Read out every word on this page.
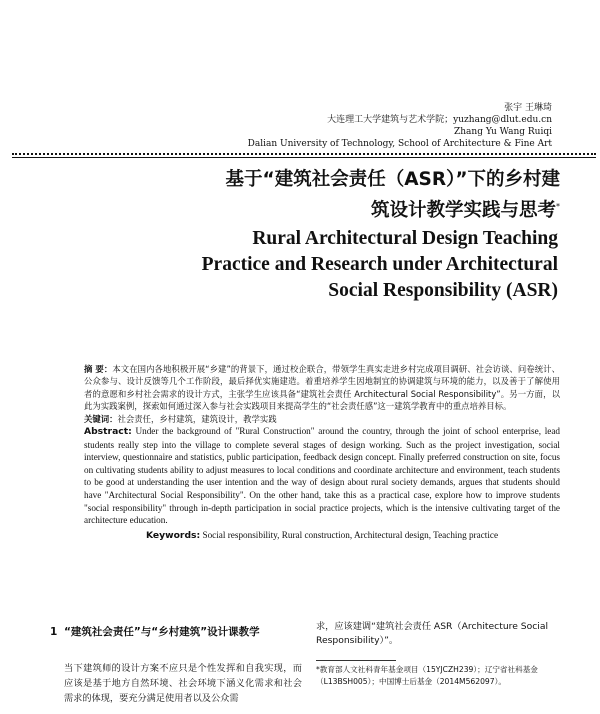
张宇 王琳琦
大连理工大学建筑与艺术学院；yuzhang@dlut.edu.cn
Zhang Yu Wang Ruiqi
Dalian University of Technology, School of Architecture & Fine Art
基于“建筑社会责任（ASR）”下的乡村建
筑设计教学实践与思考*
Rural Architectural Design Teaching
Practice and Research under Architectural
Social Responsibility (ASR)

摘 要：本文在国内各地积极开展“乡建”的背景下，通过校企联合，带领学生真实走进乡村完成项目调研、社会访谈、问卷统计、公众参与、设计反馈等几个工作阶段，最后择优实施建造。着重培养学生因地制宜的协调建筑与环境的能力，以及善于了解使用者的意愿和乡村社会需求的设计方式，主张学生应该具备“建筑社会责任 Architectural Social Responsibility”。另一方面，以此为实践案例，探索如何通过深入参与社会实践项目来提高学生的“社会责任感”这一建筑学教育中的重点培养目标。

关键词：社会责任，乡村建筑，建筑设计，教学实践

Abstract: Under the background of "Rural Construction" around the country, through the joint of school enterprise, lead students really step into the village to complete several stages of design working. Such as the project investigation, social interview, questionnaire and statistics, public participation, feedback design concept. Finally preferred construction on site, focus on cultivating students ability to adjust measures to local conditions and coordinate architecture and environment, teach students to be good at understanding the user intention and the way of design about rural society demands, argues that students should have "Architectural Social Responsibility". On the other hand, take this as a practical case, explore how to improve students "social responsibility" through in-depth participation in social practice projects, which is the intensive cultivating target of the architecture education.

Keywords: Social responsibility, Rural construction, Architectural design, Teaching practice

1 “建筑社会责任”与“乡村建筑”设计课教学
当下建筑师的设计方案不应只是个性发挥和自我实现，而应该是基于地方自然环境、社会环境下涵义化需求和社会需求的体现，要充分满足使用者以及公众需
求，应该建调“建筑社会责任 ASR（Architecture Social Responsibility）”。
*教育部人文社科青年基金项目（15YJCZH239）；辽宁省社科基金（L13BSH005）；中国博士后基金（2014M562097）。
